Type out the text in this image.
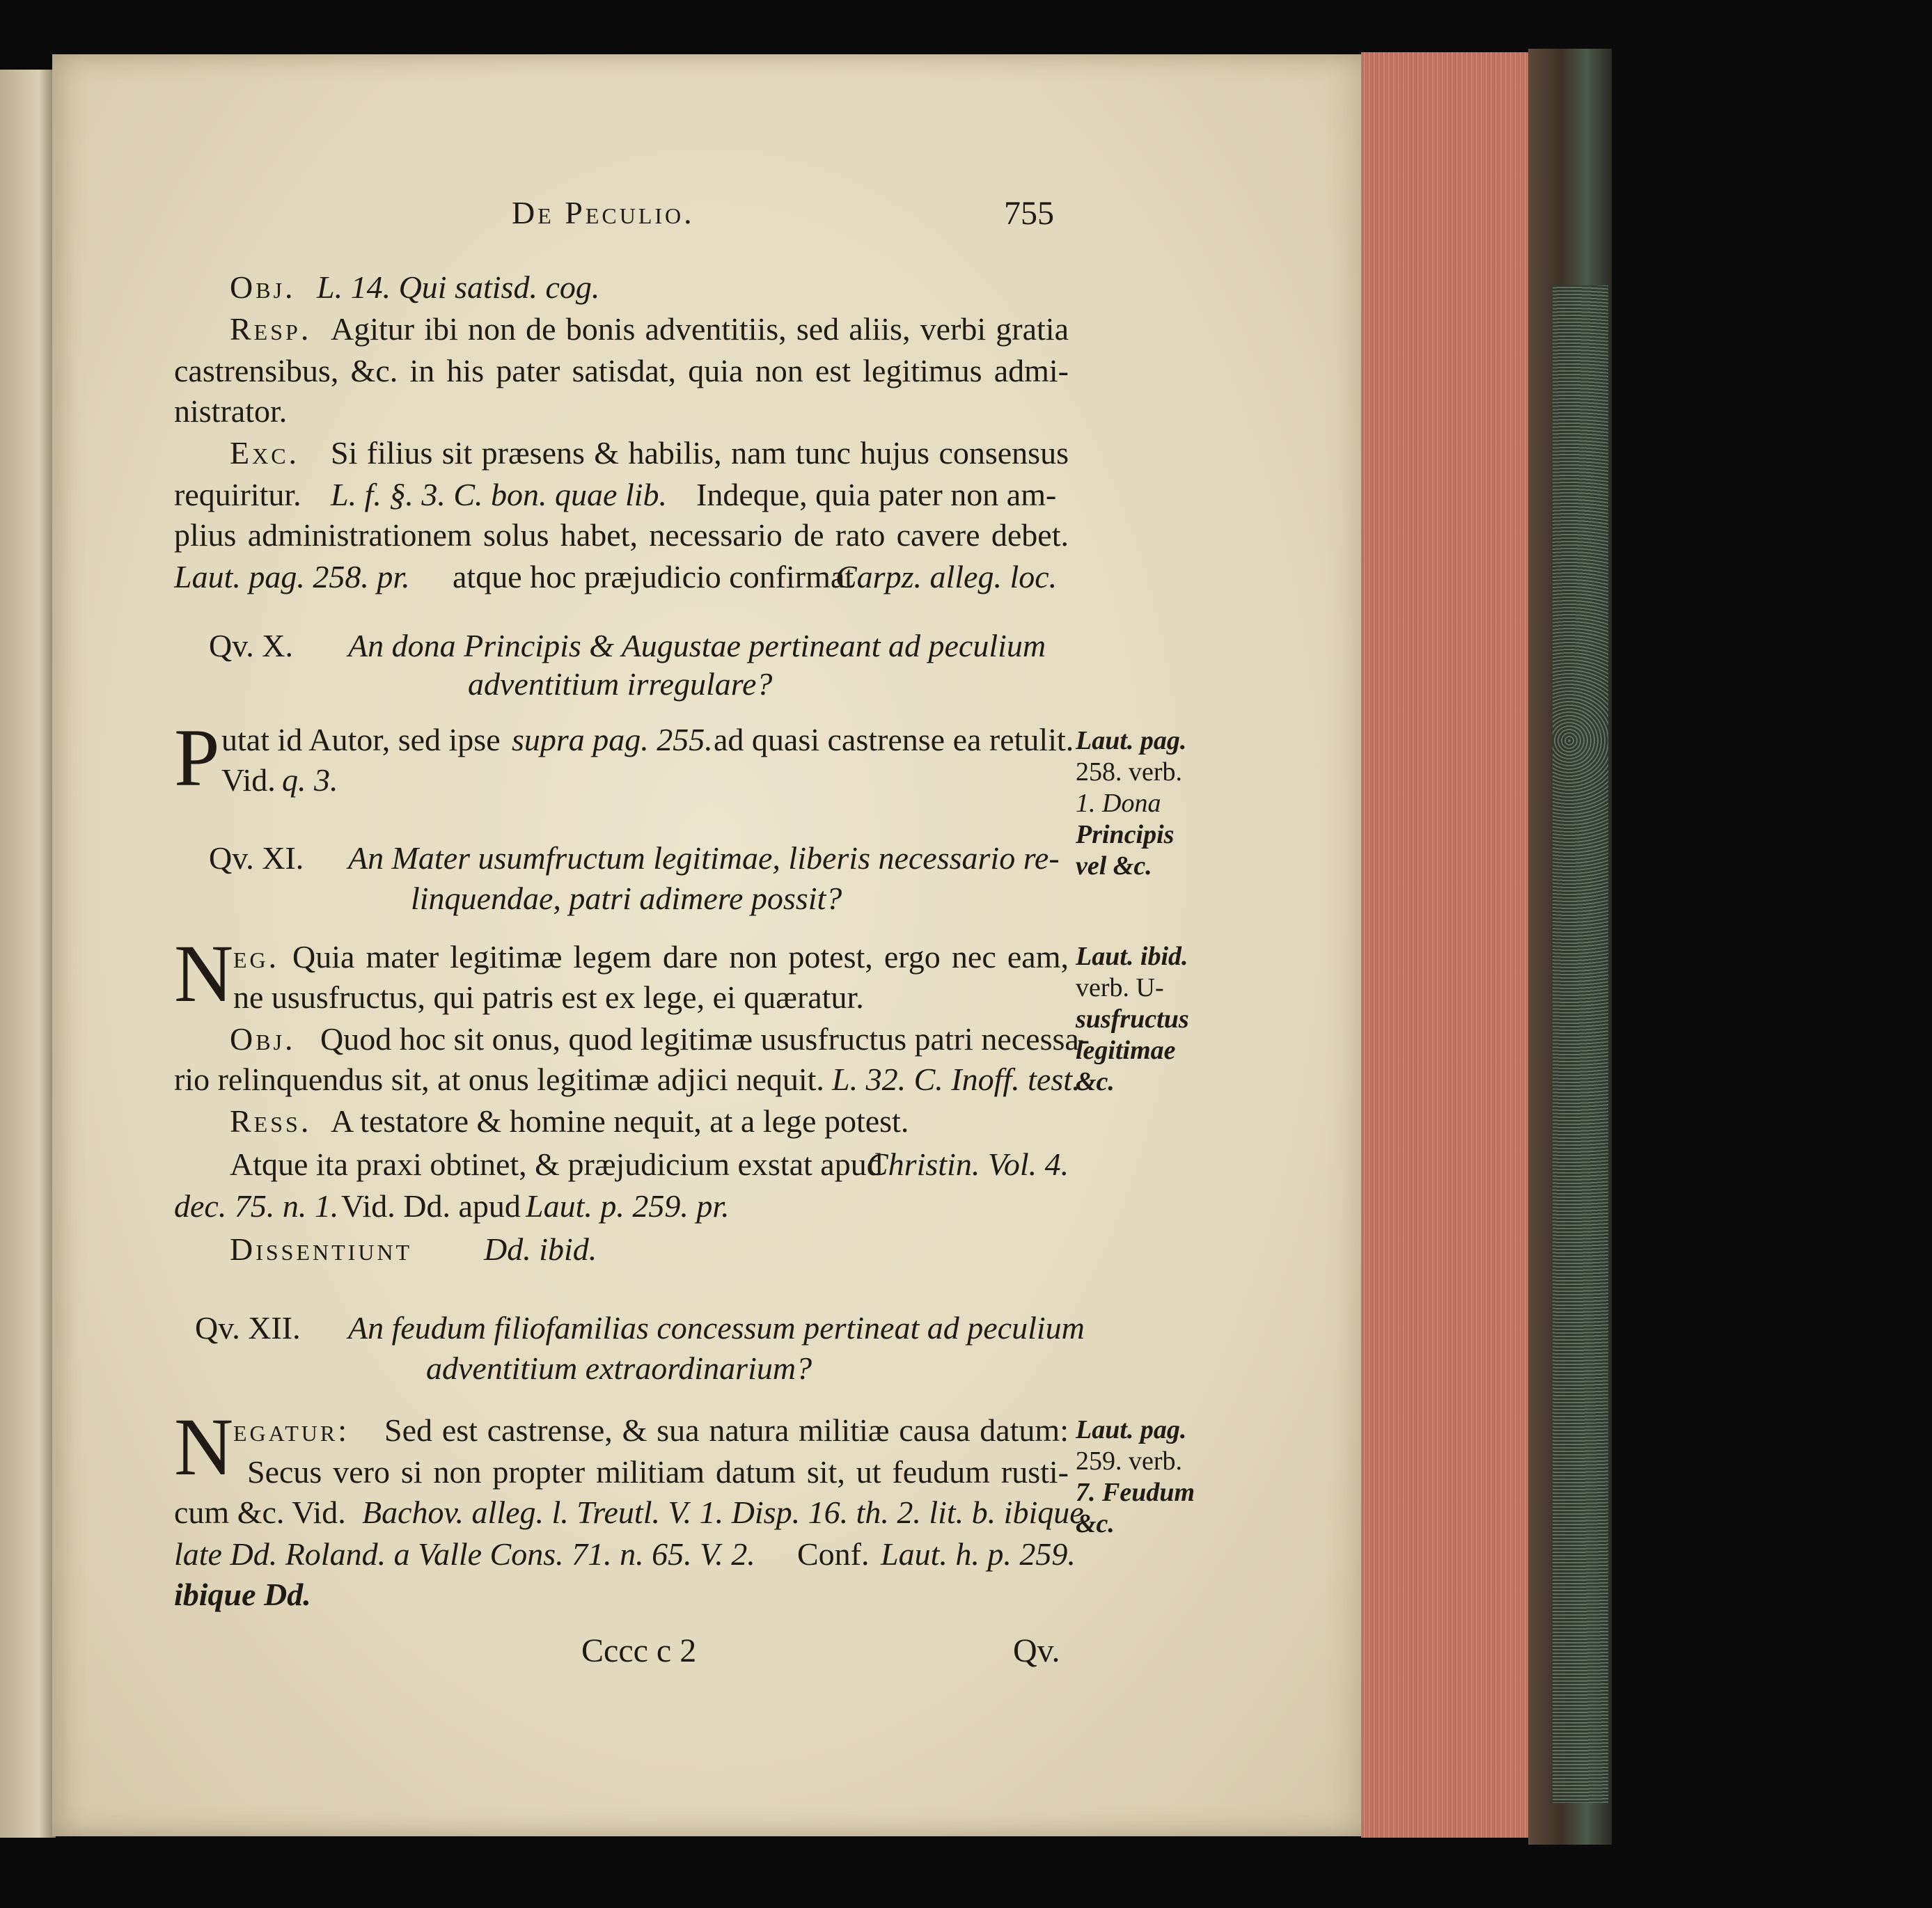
De Peculio.	755
Obj. L. 14. Qui satisd. cog.
Resp. Agitur ibi non de bonis adventitiis, sed aliis, verbi gratia
castrensibus, &c. in his pater satisdat, quia non est legitimus admi-
nistrator.
Exc. Si filius sit præsens & habilis, nam tunc hujus consensus
requiritur. L. f. §. 3. C. bon. quae lib. Indeque, quia pater non am-
plius administrationem solus habet, necessario de rato cavere debet.
Laut. pag. 258. pr. atque hoc præjudicio confirmat
Carpz. alleg. loc.
Qv. X. An dona Principis & Augustae pertineant ad peculium
adventitium irregulare?
P utat id Autor, sed ipse supra pag. 255. ad quasi castrense ea retulit.
Vid. q. 3.
Laut. pag.
258. verb.
1. Dona
Principis
vel &c.
Qv. XI. An Mater usumfructum legitimae, liberis necessario re-
linquendae, patri adimere possit?
N eg. Quia mater legitimæ legem dare non potest, ergo nec eam,
ne ususfructus, qui patris est ex lege, ei quæratur.
Laut. ibid.
verb. U-
susfructus
legitimae
&c.
Obj. Quod hoc sit onus, quod legitimæ ususfructus patri necessa-
rio relinquendus sit, at onus legitimæ adjici nequit. L. 32. C. Inoff. test.
Ress. A testatore & homine nequit, at a lege potest.
Atque ita praxi obtinet, & præjudicium exstat apud
Christin. Vol. 4.
dec. 75. n. 1. Vid. Dd. apud Laut. p. 259. pr.
Dissentiunt Dd. ibid.
Qv. XII. An feudum filiofamilias concessum pertineat ad peculium
adventitium extraordinarium?
N egatur: Sed est castrense, & sua natura militiæ causa datum:
Secus vero si non propter militiam datum sit, ut feudum rusti-
cum &c. Vid. Bachov. alleg. l. Treutl. V. 1. Disp. 16. th. 2. lit. b. ibique
late Dd. Roland. a Valle Cons. 71. n. 65. V. 2. Conf. Laut. h. p. 259.
ibique Dd.
Laut. pag.
259. verb.
7. Feudum
&c.
Cccc c 2	Qv.
